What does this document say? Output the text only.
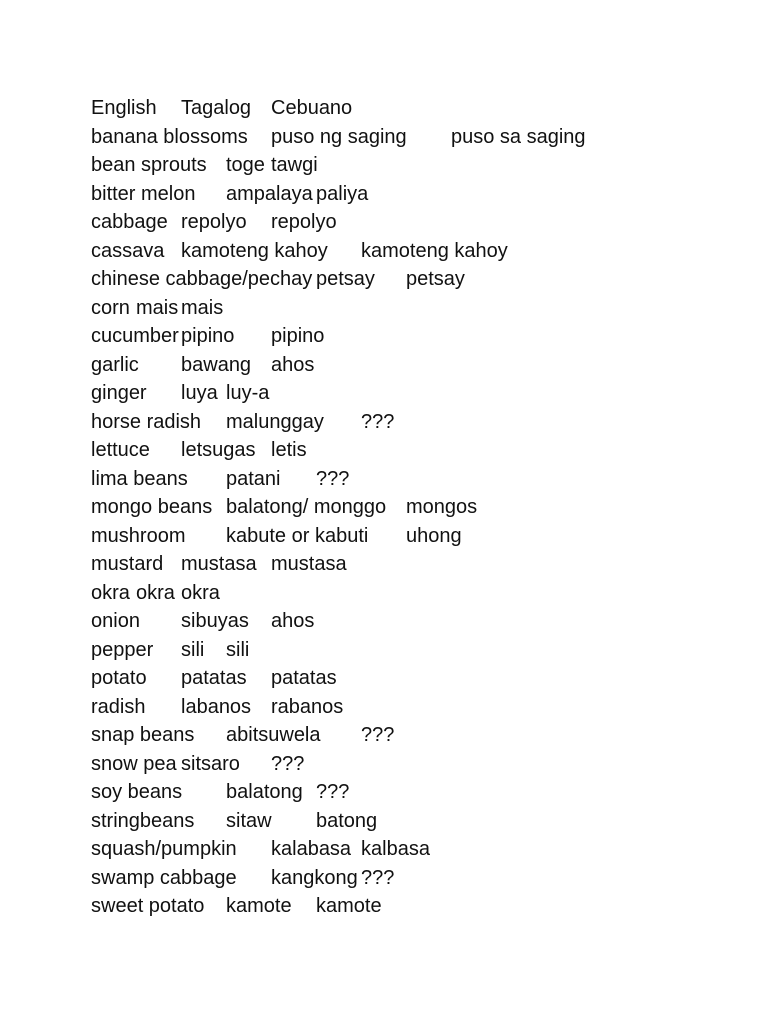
English Tagalog Cebuano
banana blossoms puso ng saging puso sa saging
bean sprouts toge tawgi
bitter melon ampalaya paliya
cabbage repolyo repolyo
cassava kamoteng kahoy kamoteng kahoy
chinese cabbage/pechay petsay petsay
corn mais mais
cucumber pipino pipino
garlic bawang ahos
ginger luya luy-a
horse radish malunggay ???
lettuce letsugas letis
lima beans patani ???
mongo beans balatong/ monggo mongos
mushroom kabute or kabuti uhong
mustard mustasa mustasa
okra okra okra
onion sibuyas ahos
pepper sili sili
potato patatas patatas
radish labanos rabanos
snap beans abitsuwela ???
snow pea sitsaro ???
soy beans balatong ???
stringbeans sitaw batong
squash/pumpkin kalabasa kalbasa
swamp cabbage kangkong ???
sweet potato kamote kamote
